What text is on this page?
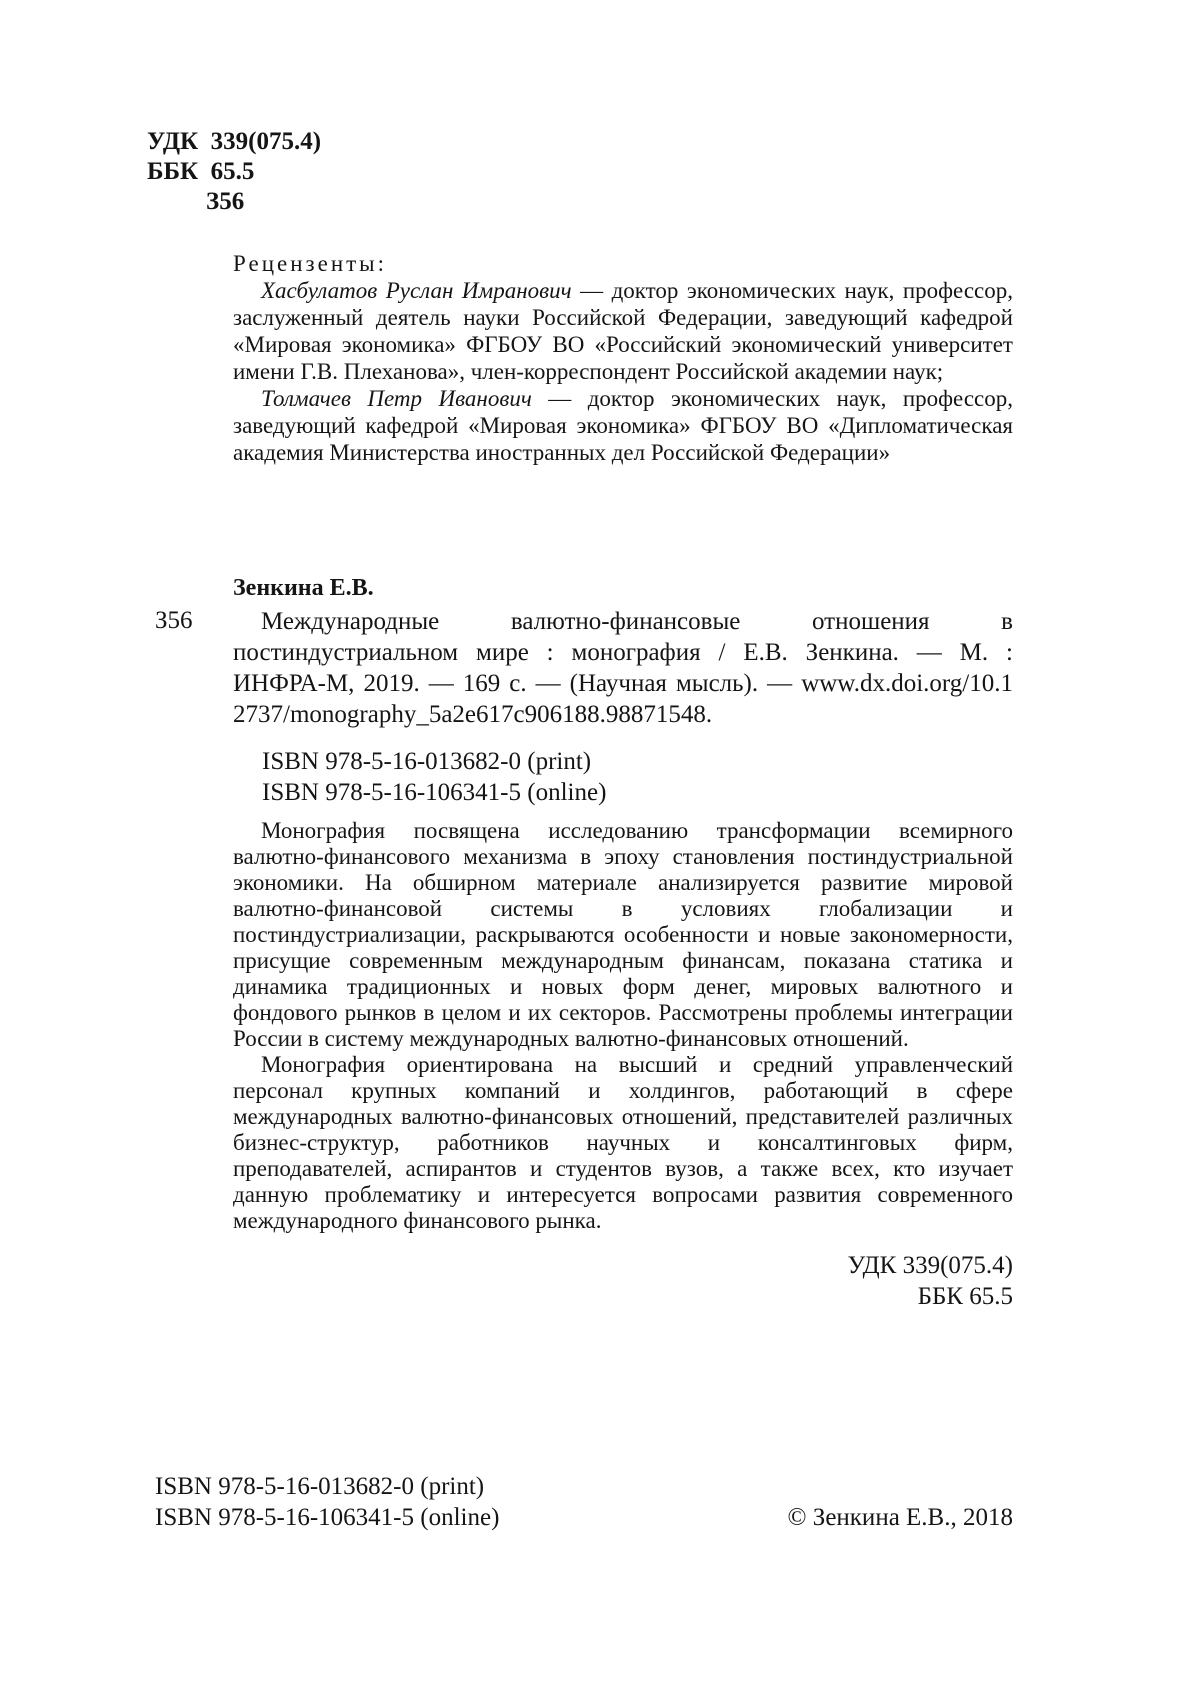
УДК  339(075.4)
ББК  65.5
З56

Рецензенты:

Хасбулатов Руслан Имранович — доктор экономических наук, профессор, заслуженный деятель науки Российской Федерации, заведующий кафедрой «Мировая экономика» ФГБОУ ВО «Российский экономический университет имени Г.В. Плеханова», член-корреспондент Российской академии наук;

Толмачев Петр Иванович — доктор экономических наук, профессор, заведующий кафедрой «Мировая экономика» ФГБОУ ВО «Дипломатическая академия Министерства иностранных дел Российской Федерации»

Зенкина Е.В.
З56	Международные валютно-финансовые отношения в постиндустриальном мире : монография / Е.В. Зенкина. — М. : ИНФРА-М, 2019. — 169 с. — (Научная мысль). — www.dx.doi.org/10.12737/monography_5a2e617c906188.98871548.
ISBN 978-5-16-013682-0 (print)
ISBN 978-5-16-106341-5 (online)

Монография посвящена исследованию трансформации всемирного валютно-финансового механизма в эпоху становления постиндустриальной экономики. На обширном материале анализируется развитие мировой валютно-финансовой системы в условиях глобализации и постиндустриализации, раскрываются особенности и новые закономерности, присущие современным международным финансам, показана статика и динамика традиционных и новых форм денег, мировых валютного и фондового рынков в целом и их секторов. Рассмотрены проблемы интеграции России в систему международных валютно-финансовых отношений.

Монография ориентирована на высший и средний управленческий персонал крупных компаний и холдингов, работающий в сфере международных валютно-финансовых отношений, представителей различных бизнес-структур, работников научных и консалтинговых фирм, преподавателей, аспирантов и студентов вузов, а также всех, кто изучает данную проблематику и интересуется вопросами развития современного международного финансового рынка.

УДК 339(075.4)
ББК 65.5
ISBN 978-5-16-013682-0 (print)
ISBN 978-5-16-106341-5 (online)	© Зенкина Е.В., 2018
